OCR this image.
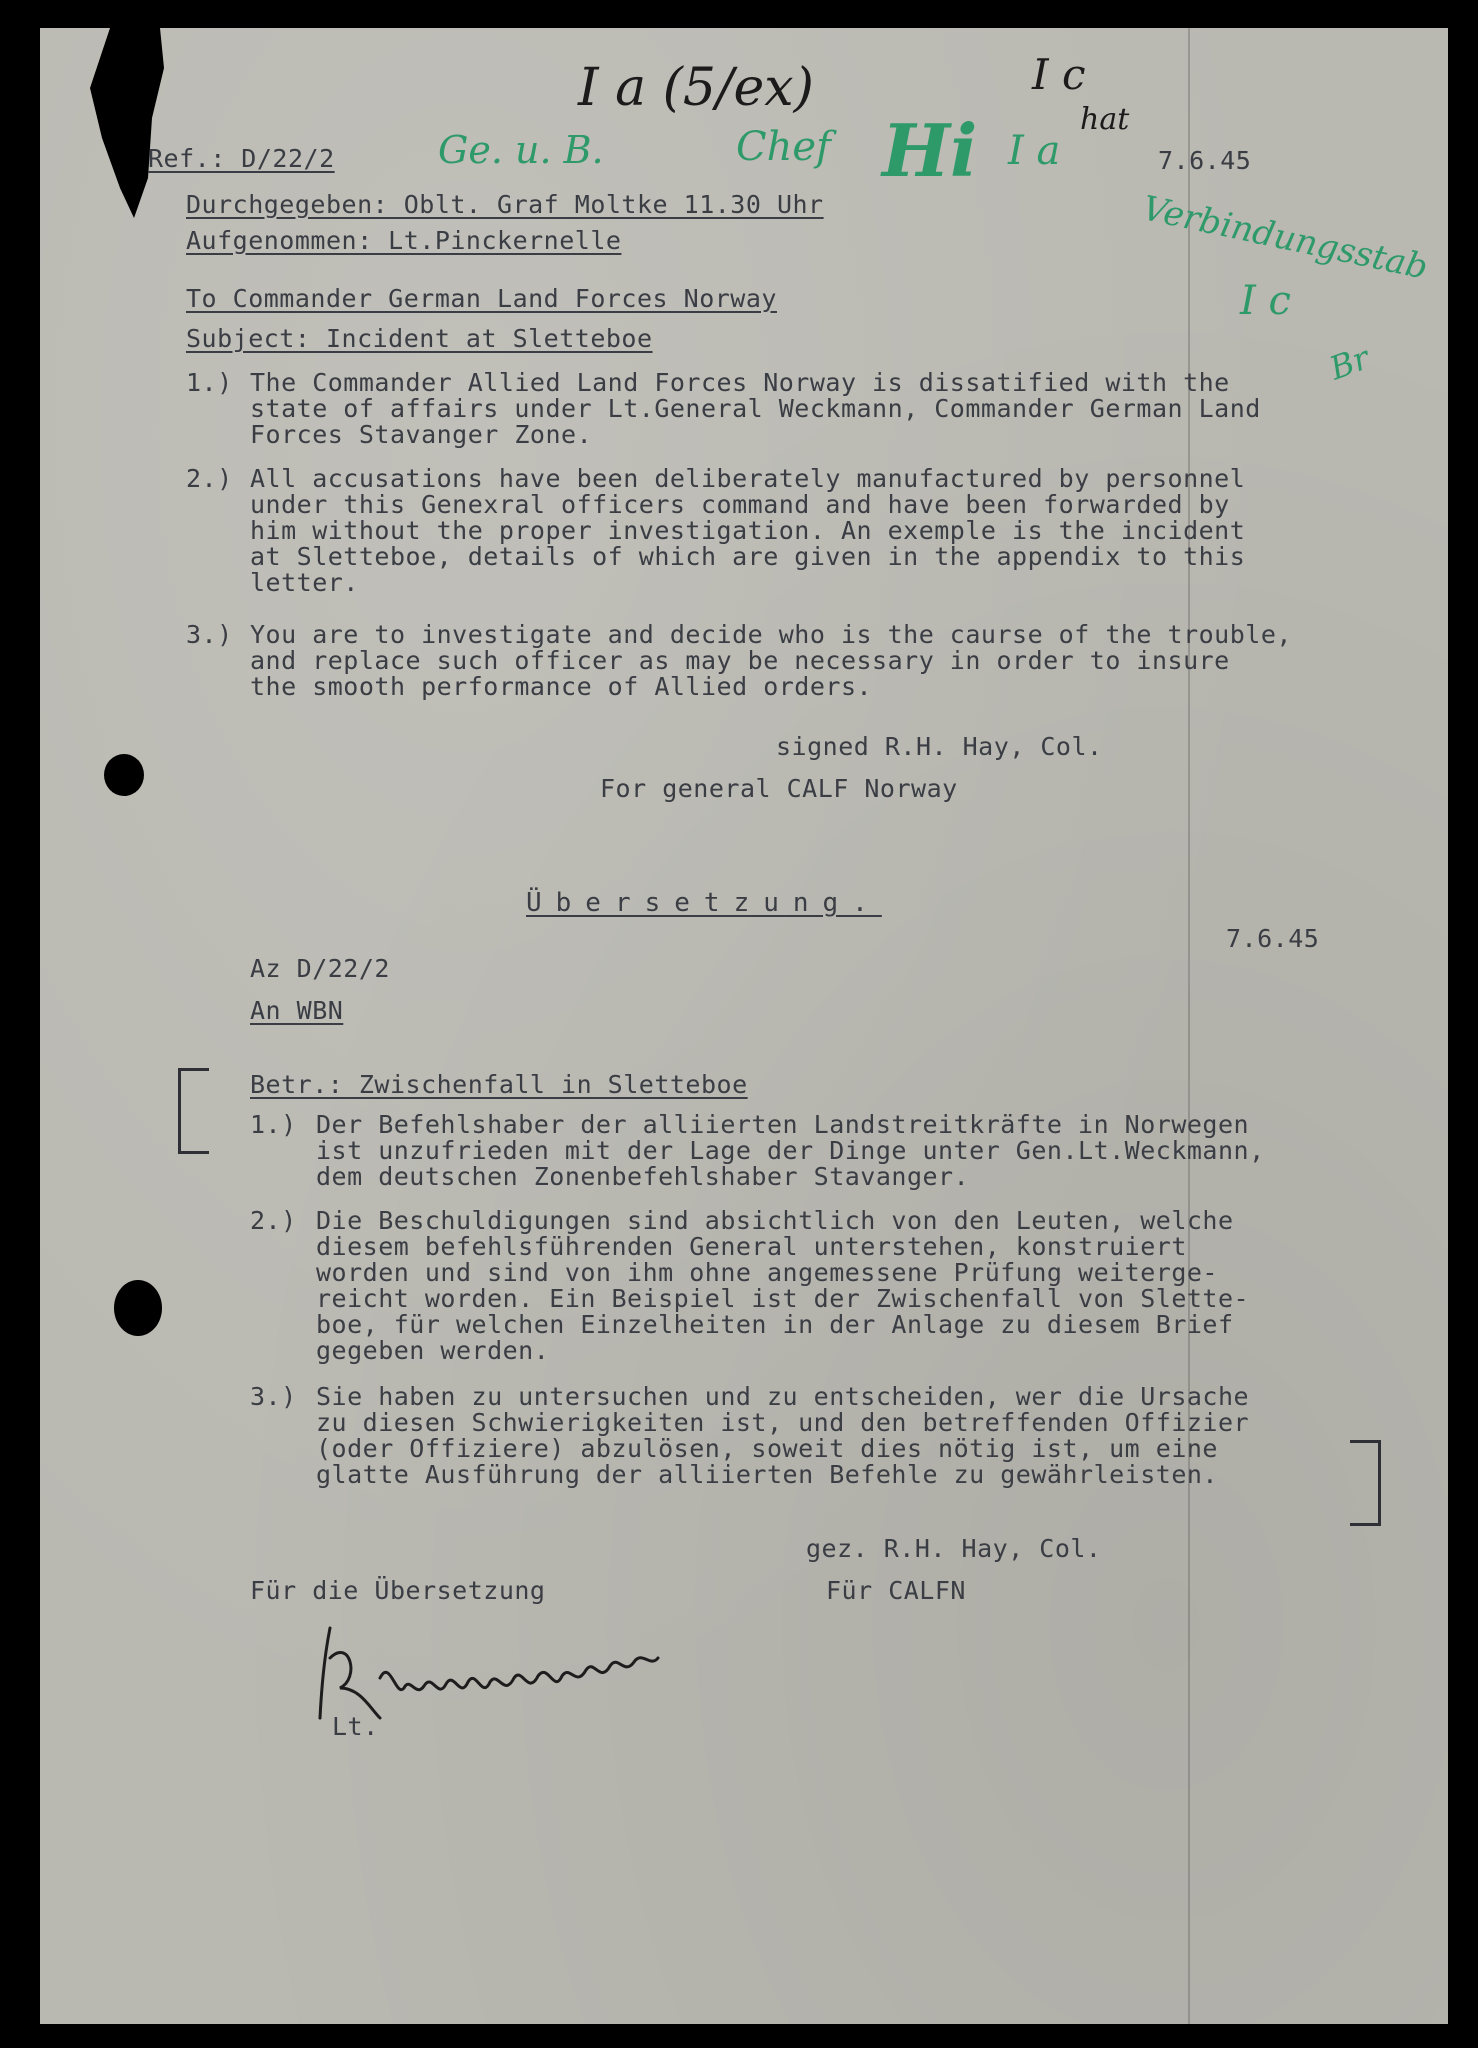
I a (5/ex)	I c
hat
Ge. u. B.	Chef Hi I a
Verbindungsstab
I c
Br
Ref.: D/22/2	7.6.45
Durchgegeben: Oblt. Graf Moltke 11.30 Uhr
Aufgenommen: Lt.Pinckernelle
To Commander German Land Forces Norway
Subject: Incident at Sletteboe
1.) The Commander Allied Land Forces Norway is dissatified with the
state of affairs under Lt.General Weckmann, Commander German Land
Forces Stavanger Zone.
2.) All accusations have been deliberately manufactured by personnel
under this Genexral officers command and have been forwarded by
him without the proper investigation. An exemple is the incident
at Sletteboe, details of which are given in the appendix to this
letter.
3.) You are to investigate and decide who is the caurse of the trouble,
and replace such officer as may be necessary in order to insure
the smooth performance of Allied orders.
signed R.H. Hay, Col.
For general CALF Norway
Übersetzung.
7.6.45
Az D/22/2
An WBN
Betr.: Zwischenfall in Sletteboe
1.) Der Befehlshaber der alliierten Landstreitkräfte in Norwegen
ist unzufrieden mit der Lage der Dinge unter Gen.Lt.Weckmann,
dem deutschen Zonenbefehlshaber Stavanger.
2.) Die Beschuldigungen sind absichtlich von den Leuten, welche
diesem befehlsführenden General unterstehen, konstruiert
worden und sind von ihm ohne angemessene Prüfung weiterge-
reicht worden. Ein Beispiel ist der Zwischenfall von Slette-
boe, für welchen Einzelheiten in der Anlage zu diesem Brief
gegeben werden.
3.) Sie haben zu untersuchen und zu entscheiden, wer die Ursache
zu diesen Schwierigkeiten ist, und den betreffenden Offizier
(oder Offiziere) abzulösen, soweit dies nötig ist, um eine
glatte Ausführung der alliierten Befehle zu gewährleisten.
gez. R.H. Hay, Col.
Für die Übersetzung	Für CALFN
Lt.
